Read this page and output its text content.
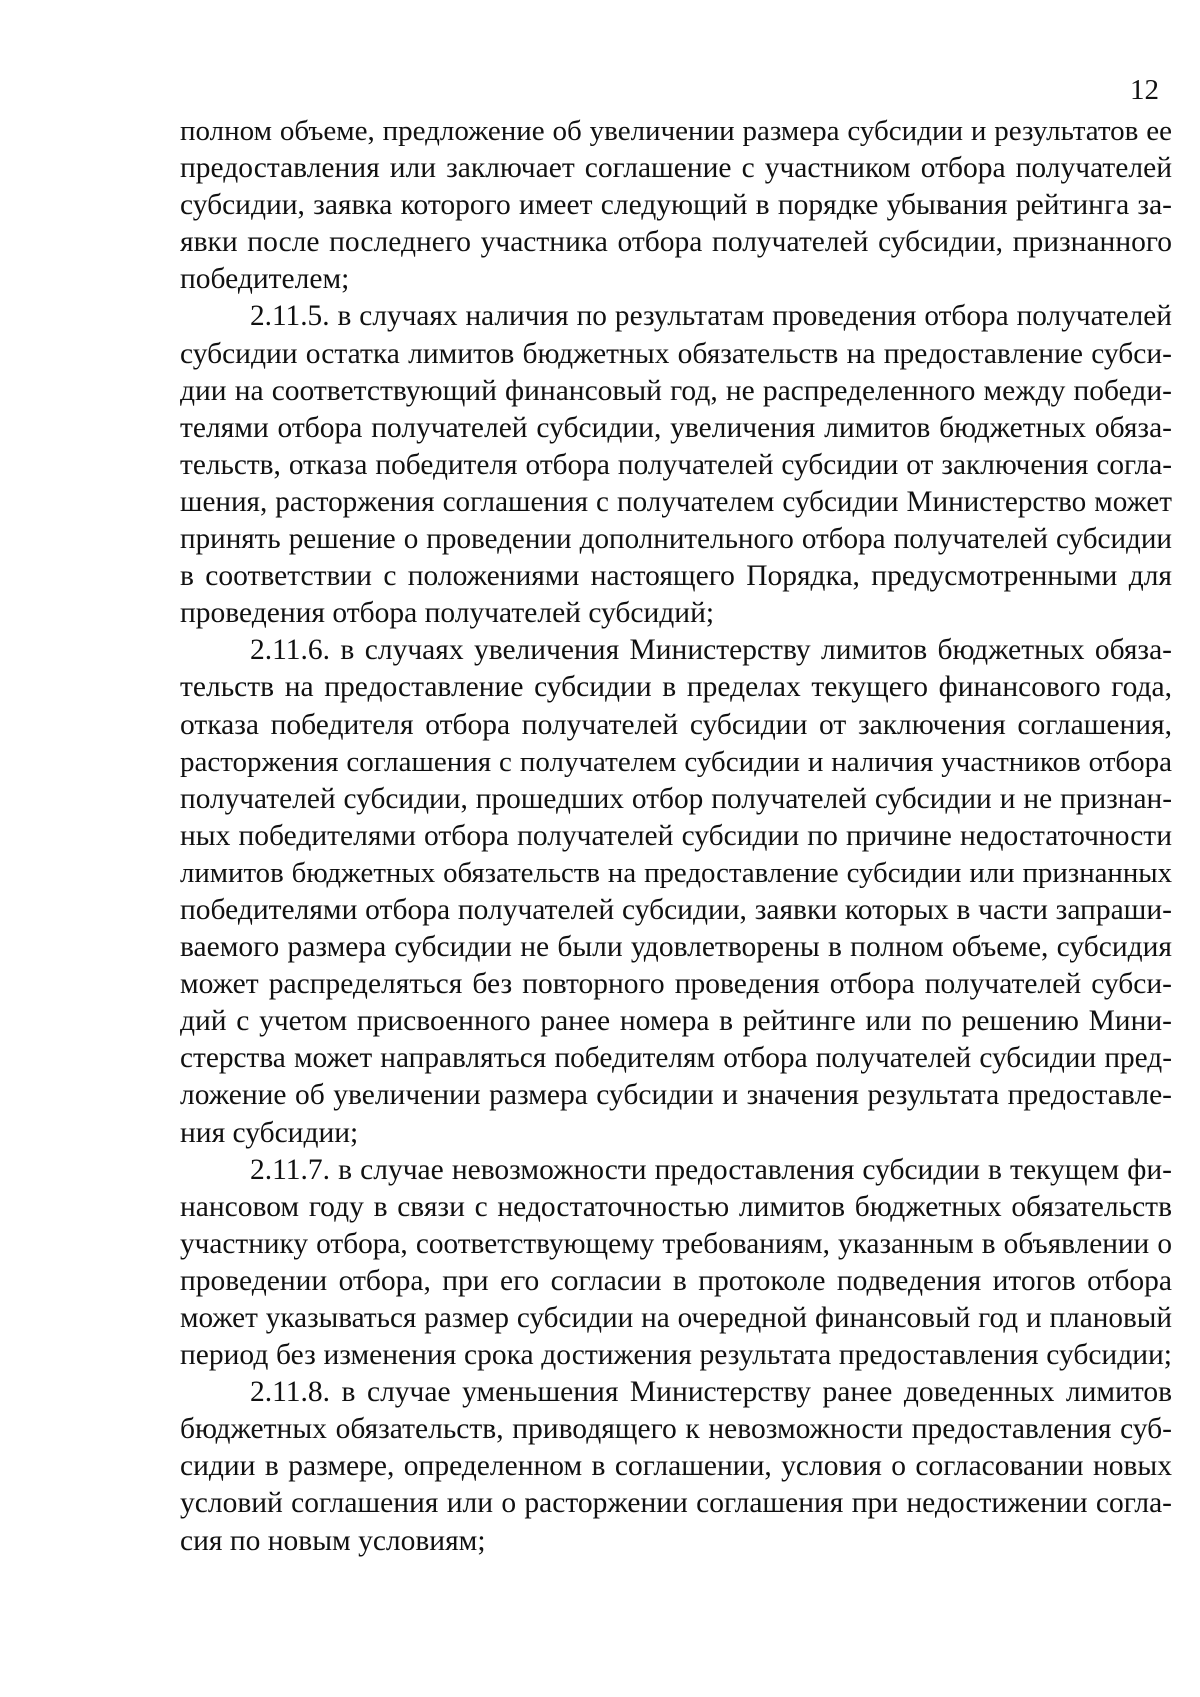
12
полном объеме, предложение об увеличении размера субсидии и результатов ее
предоставления или заключает соглашение с участником отбора получателей
субсидии, заявка которого имеет следующий в порядке убывания рейтинга за-
явки после последнего участника отбора получателей субсидии, признанного
победителем;
2.11.5. в случаях наличия по результатам проведения отбора получателей
субсидии остатка лимитов бюджетных обязательств на предоставление субси-
дии на соответствующий финансовый год, не распределенного между победи-
телями отбора получателей субсидии, увеличения лимитов бюджетных обяза-
тельств, отказа победителя отбора получателей субсидии от заключения согла-
шения, расторжения соглашения с получателем субсидии Министерство может
принять решение о проведении дополнительного отбора получателей субсидии
в соответствии с положениями настоящего Порядка, предусмотренными для
проведения отбора получателей субсидий;
2.11.6. в случаях увеличения Министерству лимитов бюджетных обяза-
тельств на предоставление субсидии в пределах текущего финансового года,
отказа победителя отбора получателей субсидии от заключения соглашения,
расторжения соглашения с получателем субсидии и наличия участников отбора
получателей субсидии, прошедших отбор получателей субсидии и не признан-
ных победителями отбора получателей субсидии по причине недостаточности
лимитов бюджетных обязательств на предоставление субсидии или признанных
победителями отбора получателей субсидии, заявки которых в части запраши-
ваемого размера субсидии не были удовлетворены в полном объеме, субсидия
может распределяться без повторного проведения отбора получателей субси-
дий с учетом присвоенного ранее номера в рейтинге или по решению Мини-
стерства может направляться победителям отбора получателей субсидии пред-
ложение об увеличении размера субсидии и значения результата предоставле-
ния субсидии;
2.11.7. в случае невозможности предоставления субсидии в текущем фи-
нансовом году в связи с недостаточностью лимитов бюджетных обязательств
участнику отбора, соответствующему требованиям, указанным в объявлении о
проведении отбора, при его согласии в протоколе подведения итогов отбора
может указываться размер субсидии на очередной финансовый год и плановый
период без изменения срока достижения результата предоставления субсидии;
2.11.8. в случае уменьшения Министерству ранее доведенных лимитов
бюджетных обязательств, приводящего к невозможности предоставления суб-
сидии в размере, определенном в соглашении, условия о согласовании новых
условий соглашения или о расторжении соглашения при недостижении согла-
сия по новым условиям;
